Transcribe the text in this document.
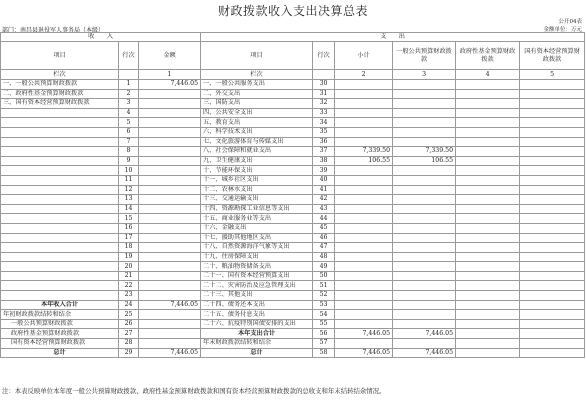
财政拨款收入支出决算总表
公开04表
部门：南昌县退役军人事务局（本级）	金额单位：万元
收　　入			支　　出					
项目	行次	金额	项目	行次	小计	一般公共预算财政拨款	政府性基金预算财政拨款	国有资本经营预算财政拨款
栏次		1	栏次		2	3	4	5
一、一般公共预算财政拨款	1	7,446.05	一、一般公共服务支出	30				
二、政府性基金预算财政拨款	2		二、外交支出	31				
三、国有资本经营预算财政拨款	3		三、国防支出	32				
	4		四、公共安全支出	33				
	5		五、教育支出	34				
	6		六、科学技术支出	35				
	7		七、文化旅游体育与传媒支出	36				
	8		八、社会保障和就业支出	37	7,339.50	7,339.50		
	9		九、卫生健康支出	38	106.55	106.55		
	10		十、节能环保支出	39				
	11		十一、城乡社区支出	40				
	12		十二、农林水支出	41				
	13		十三、交通运输支出	42				
	14		十四、资源勘探工业信息等支出	43				
	15		十五、商业服务业等支出	44				
	16		十六、金融支出	45				
	17		十七、援助其他地区支出	46				
	18		十八、自然资源海洋气象等支出	47				
	19		十九、住房保障支出	48				
	20		二十、粮油物资储备支出	49				
	21		二十一、国有资本经营预算支出	50				
	22		二十二、灾害防治及应急管理支出	51				
	23		二十三、其他支出	52				
本年收入合计	24	7,446.05	二十四、债务还本支出	53				
年初财政拨款结转和结余	25		二十五、债务付息支出	54				
一般公共预算财政拨款	26		二十六、抗疫特别国债安排的支出	55				
政府性基金预算财政拨款	27		本年支出合计	56	7,446.05	7,446.05		
国有资本经营预算财政拨款	28		年末财政拨款结转和结余	57				
总计	29	7,446.05	总计	58	7,446.05	7,446.05		
注：本表反映单位本年度一般公共预算财政拨款、政府性基金预算财政拨款和国有资本经营预算财政拨款的总收支和年末结转结余情况。
